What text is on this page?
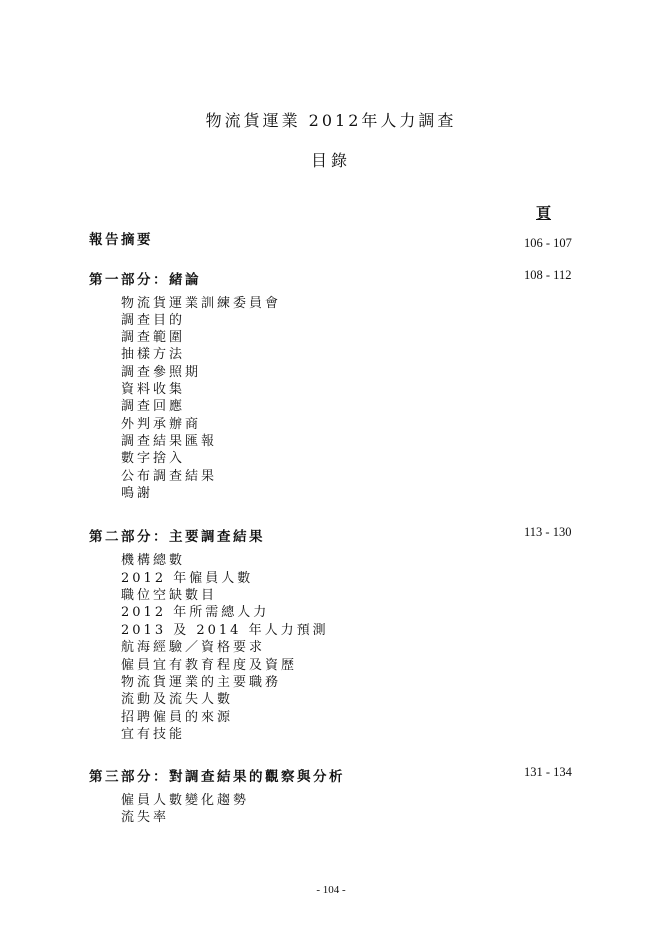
物流貨運業 2012年人力調查
目錄
頁
報告摘要	106 - 107
第一部分：緒論	108 - 112
物流貨運業訓練委員會
調查目的
調查範圍
抽樣方法
調查參照期
資料收集
調查回應
外判承辦商
調查結果匯報
數字捨入
公布調查結果
鳴謝
第二部分：主要調查結果	113 - 130
機構總數
2012 年僱員人數
職位空缺數目
2012 年所需總人力
2013 及 2014 年人力預測
航海經驗／資格要求
僱員宜有教育程度及資歷
物流貨運業的主要職務
流動及流失人數
招聘僱員的來源
宜有技能
第三部分：對調查結果的觀察與分析	131 - 134
僱員人數變化趨勢
流失率
- 104 -
